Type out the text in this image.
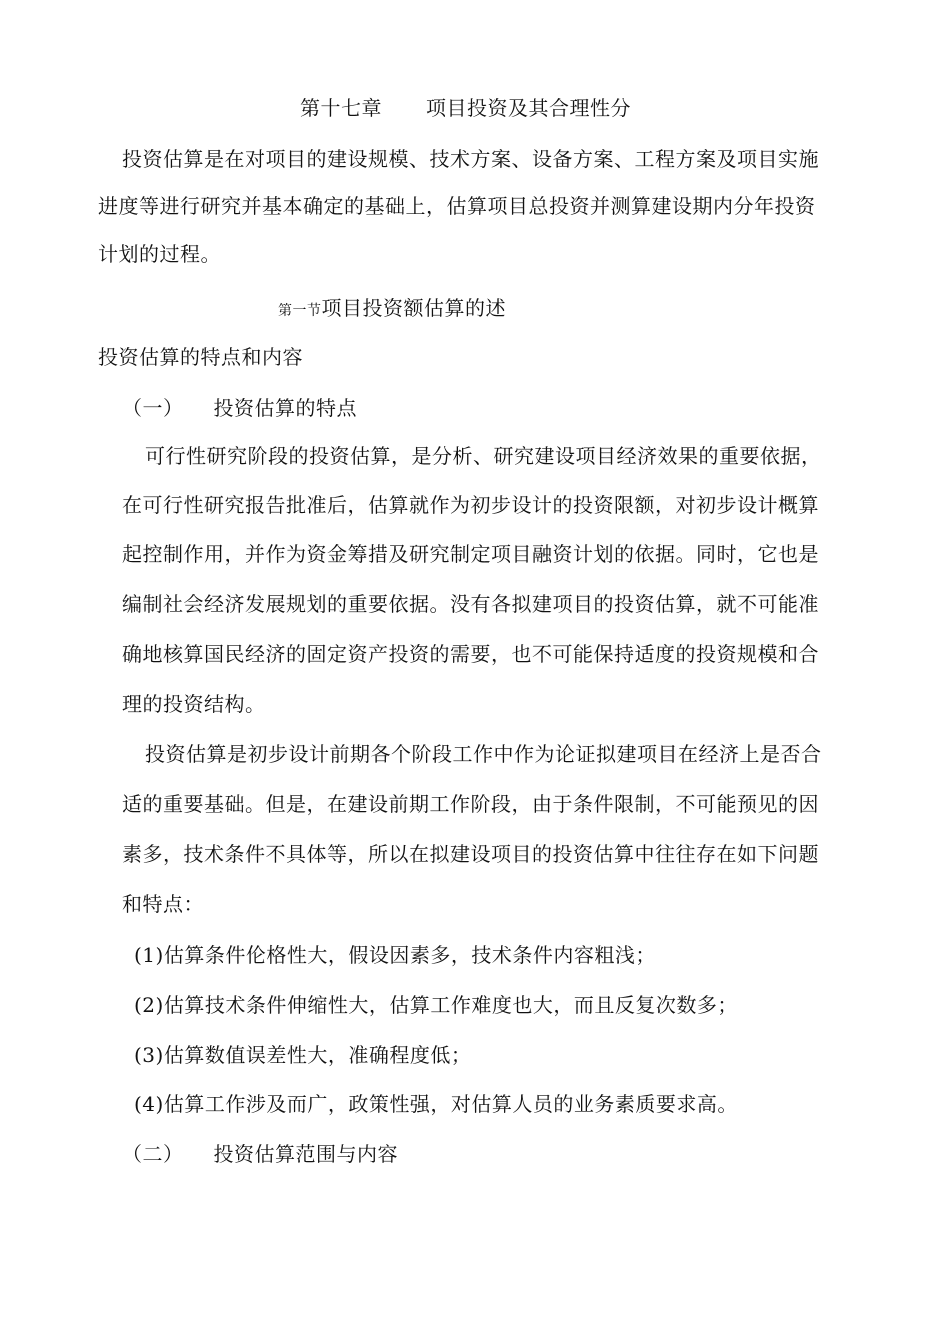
第十七章 项目投资及其合理性分
投资估算是在对项目的建设规模、技术方案、设备方案、工程方案及项目实施
进度等进行研究并基本确定的基础上，估算项目总投资并测算建设期内分年投资
计划的过程。
第一节项目投资额估算的述
投资估算的特点和内容
（一） 投资估算的特点
可行性研究阶段的投资估算，是分析、研究建设项目经济效果的重要依据，
在可行性研究报告批准后，估算就作为初步设计的投资限额，对初步设计概算
起控制作用，并作为资金筹措及研究制定项目融资计划的依据。同时，它也是
编制社会经济发展规划的重要依据。没有各拟建项目的投资估算，就不可能准
确地核算国民经济的固定资产投资的需要，也不可能保持适度的投资规模和合
理的投资结构。
投资估算是初步设计前期各个阶段工作中作为论证拟建项目在经济上是否合
适的重要基础。但是，在建设前期工作阶段，由于条件限制，不可能预见的因
素多，技术条件不具体等，所以在拟建设项目的投资估算中往往存在如下问题
和特点：
(1)估算条件伦格性大，假设因素多，技术条件内容粗浅；
(2)估算技术条件伸缩性大，估算工作难度也大，而且反复次数多；
(3)估算数值误差性大，准确程度低；
(4)估算工作涉及而广，政策性强，对估算人员的业务素质要求高。
（二） 投资估算范围与内容
